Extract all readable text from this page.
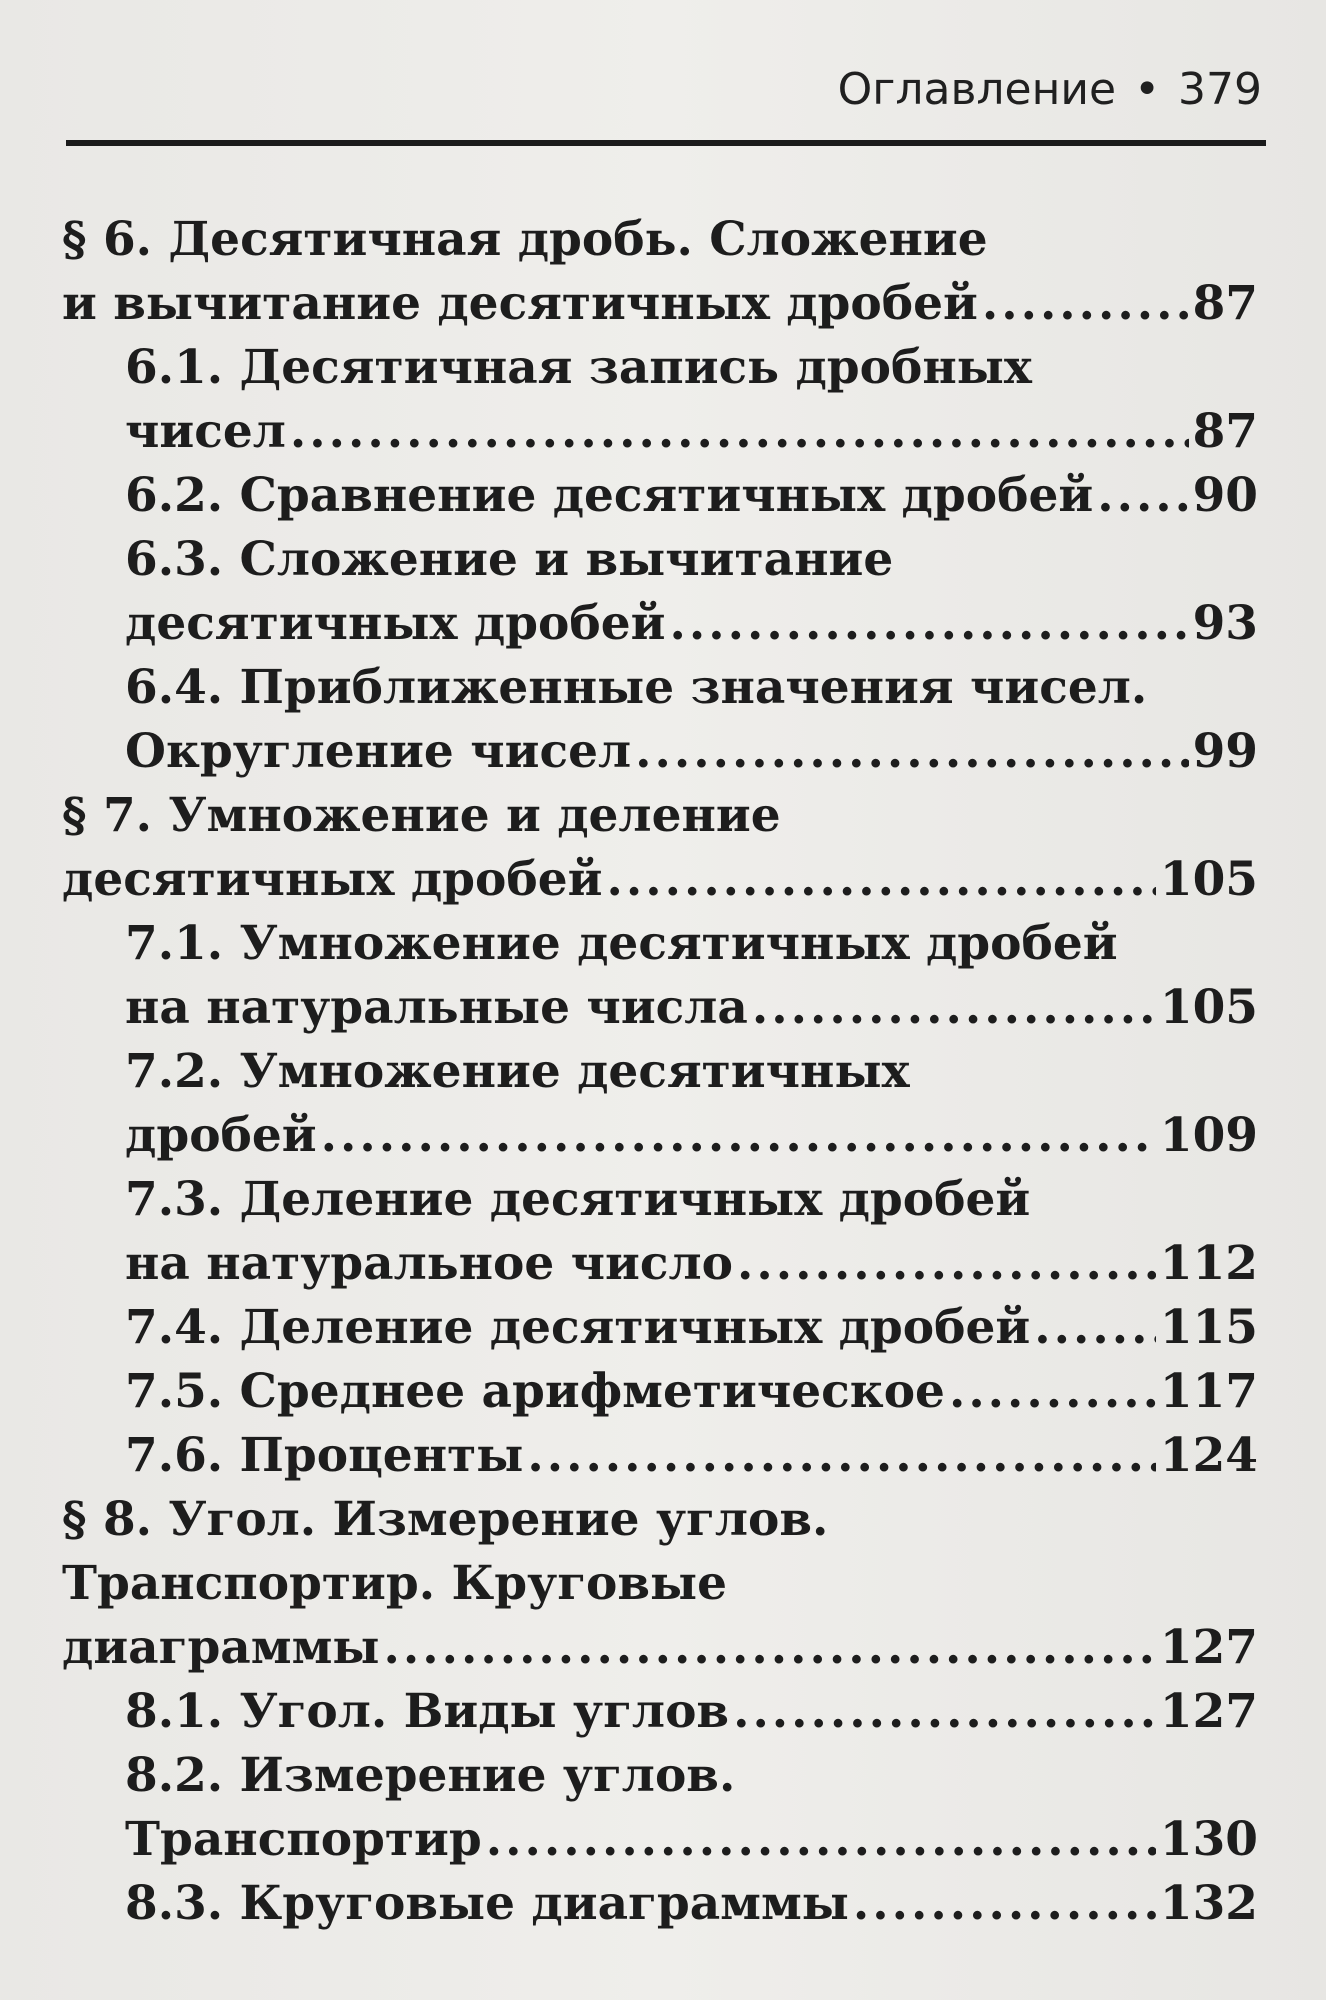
Оглавление • 379
§ 6. Десятичная дробь. Сложение
и вычитание десятичных дробей .....	87
6.1. Десятичная запись дробных
чисел .....	87
6.2. Сравнение десятичных дробей ..... 90
6.3. Сложение и вычитание
десятичных дробей .....	93
6.4. Приближенные значения чисел.
Округление чисел .....	99
§ 7. Умножение и деление
десятичных дробей .....	105
7.1. Умножение десятичных дробей
на натуральные числа .....	105
7.2. Умножение десятичных
дробей .....	109
7.3. Деление десятичных дробей
на натуральное число .....	112
7.4. Деление десятичных дробей .....	115
7.5. Среднее арифметическое .....	117
7.6. Проценты .....	124
§ 8. Угол. Измерение углов.
Транспортир. Круговые
диаграммы .....	127
8.1. Угол. Виды углов .....	127
8.2. Измерение углов.
Транспортир .....	130
8.3. Круговые диаграммы .....	132
